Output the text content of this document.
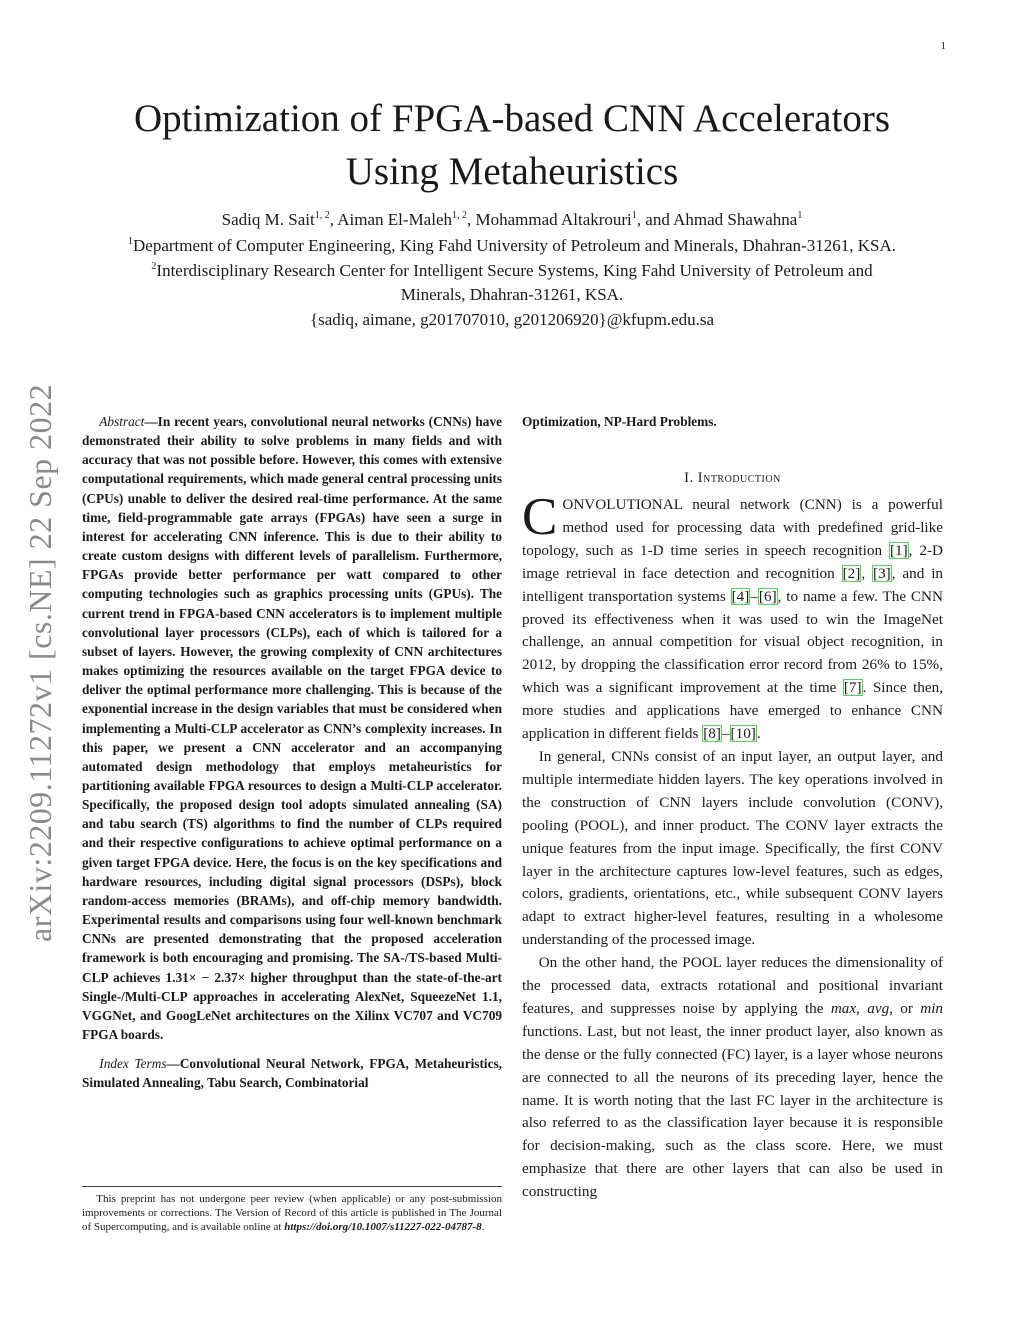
1
arXiv:2209.11272v1 [cs.NE] 22 Sep 2022
Optimization of FPGA-based CNN Accelerators
Using Metaheuristics
Sadiq M. Sait$^{1, 2}$, Aiman El-Maleh$^{1, 2}$, Mohammad Altakrouri$^1$, and Ahmad Shawahna$^1$
$^1$Department of Computer Engineering, King Fahd University of Petroleum and Minerals, Dhahran-31261, KSA.
$^2$Interdisciplinary Research Center for Intelligent Secure Systems, King Fahd University of Petroleum and
Minerals, Dhahran-31261, KSA.
{sadiq, aimane, g201707010, g201206920}@kfupm.edu.sa

Abstract—In recent years, convolutional neural networks (CNNs) have demonstrated their ability to solve problems in many fields and with accuracy that was not possible before. However, this comes with extensive computational requirements, which made general central processing units (CPUs) unable to deliver the desired real-time performance. At the same time, field-programmable gate arrays (FPGAs) have seen a surge in interest for accelerating CNN inference. This is due to their ability to create custom designs with different levels of parallelism. Furthermore, FPGAs provide better performance per watt compared to other computing technologies such as graphics processing units (GPUs). The current trend in FPGA-based CNN accelerators is to implement multiple convolutional layer processors (CLPs), each of which is tailored for a subset of layers. However, the growing complexity of CNN architectures makes optimizing the resources available on the target FPGA device to deliver the optimal performance more challenging. This is because of the exponential increase in the design variables that must be considered when implementing a Multi-CLP accelerator as CNN’s complexity increases. In this paper, we present a CNN accelerator and an accompanying automated design methodology that employs metaheuristics for partitioning available FPGA resources to design a Multi-CLP accelerator. Specifically, the proposed design tool adopts simulated annealing (SA) and tabu search (TS) algorithms to find the number of CLPs required and their respective configurations to achieve optimal performance on a given target FPGA device. Here, the focus is on the key specifications and hardware resources, including digital signal processors (DSPs), block random-access memories (BRAMs), and off-chip memory bandwidth. Experimental results and comparisons using four well-known benchmark CNNs are presented demonstrating that the proposed acceleration framework is both encouraging and promising. The SA-/TS-based Multi-CLP achieves 1.31× − 2.37× higher throughput than the state-of-the-art Single-/Multi-CLP approaches in accelerating AlexNet, SqueezeNet 1.1, VGGNet, and GoogLeNet architectures on the Xilinx VC707 and VC709 FPGA boards.

Index Terms—Convolutional Neural Network, FPGA, Metaheuristics, Simulated Annealing, Tabu Search, Combinatorial

This preprint has not undergone peer review (when applicable) or any post-submission improvements or corrections. The Version of Record of this article is published in The Journal of Supercomputing, and is available online at https://doi.org/10.1007/s11227-022-04787-8.

Optimization, NP-Hard Problems.

I. Introduction

CONVOLUTIONAL neural network (CNN) is a powerful method used for processing data with predefined grid-like topology, such as 1-D time series in speech recognition [1], 2-D image retrieval in face detection and recognition [2], [3], and in intelligent transportation systems [4]–[6], to name a few. The CNN proved its effectiveness when it was used to win the ImageNet challenge, an annual competition for visual object recognition, in 2012, by dropping the classification error record from 26% to 15%, which was a significant improvement at the time [7]. Since then, more studies and applications have emerged to enhance CNN application in different fields [8]–[10].

In general, CNNs consist of an input layer, an output layer, and multiple intermediate hidden layers. The key operations involved in the construction of CNN layers include convolution (CONV), pooling (POOL), and inner product. The CONV layer extracts the unique features from the input image. Specifically, the first CONV layer in the architecture captures low-level features, such as edges, colors, gradients, orientations, etc., while subsequent CONV layers adapt to extract higher-level features, resulting in a wholesome understanding of the processed image.

On the other hand, the POOL layer reduces the dimensionality of the processed data, extracts rotational and positional invariant features, and suppresses noise by applying the max, avg, or min functions. Last, but not least, the inner product layer, also known as the dense or the fully connected (FC) layer, is a layer whose neurons are connected to all the neurons of its preceding layer, hence the name. It is worth noting that the last FC layer in the architecture is also referred to as the classification layer because it is responsible for decision-making, such as the class score. Here, we must emphasize that there are other layers that can also be used in constructing
